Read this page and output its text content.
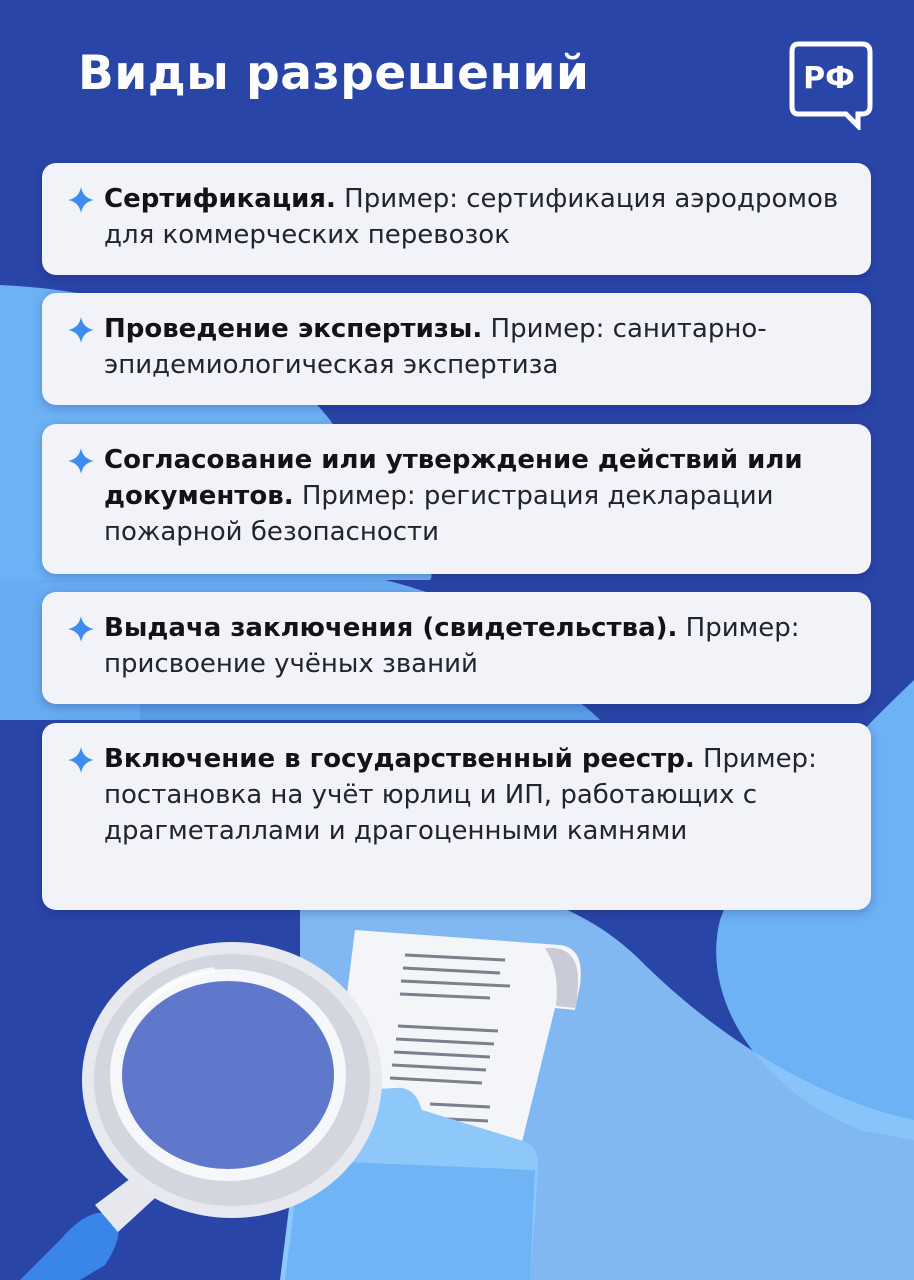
Виды разрешений	РФ

Сертификация. Пример: сертификация аэродромов для коммерческих перевозок

Проведение экспертизы. Пример: санитарно-эпидемиологическая экспертиза

Согласование или утверждение действий или документов. Пример: регистрация декларации пожарной безопасности

Выдача заключения (свидетельства). Пример: присвоение учёных званий

Включение в государственный реестр. Пример: постановка на учёт юрлиц и ИП, работающих с драгметаллами и драгоценными камнями
